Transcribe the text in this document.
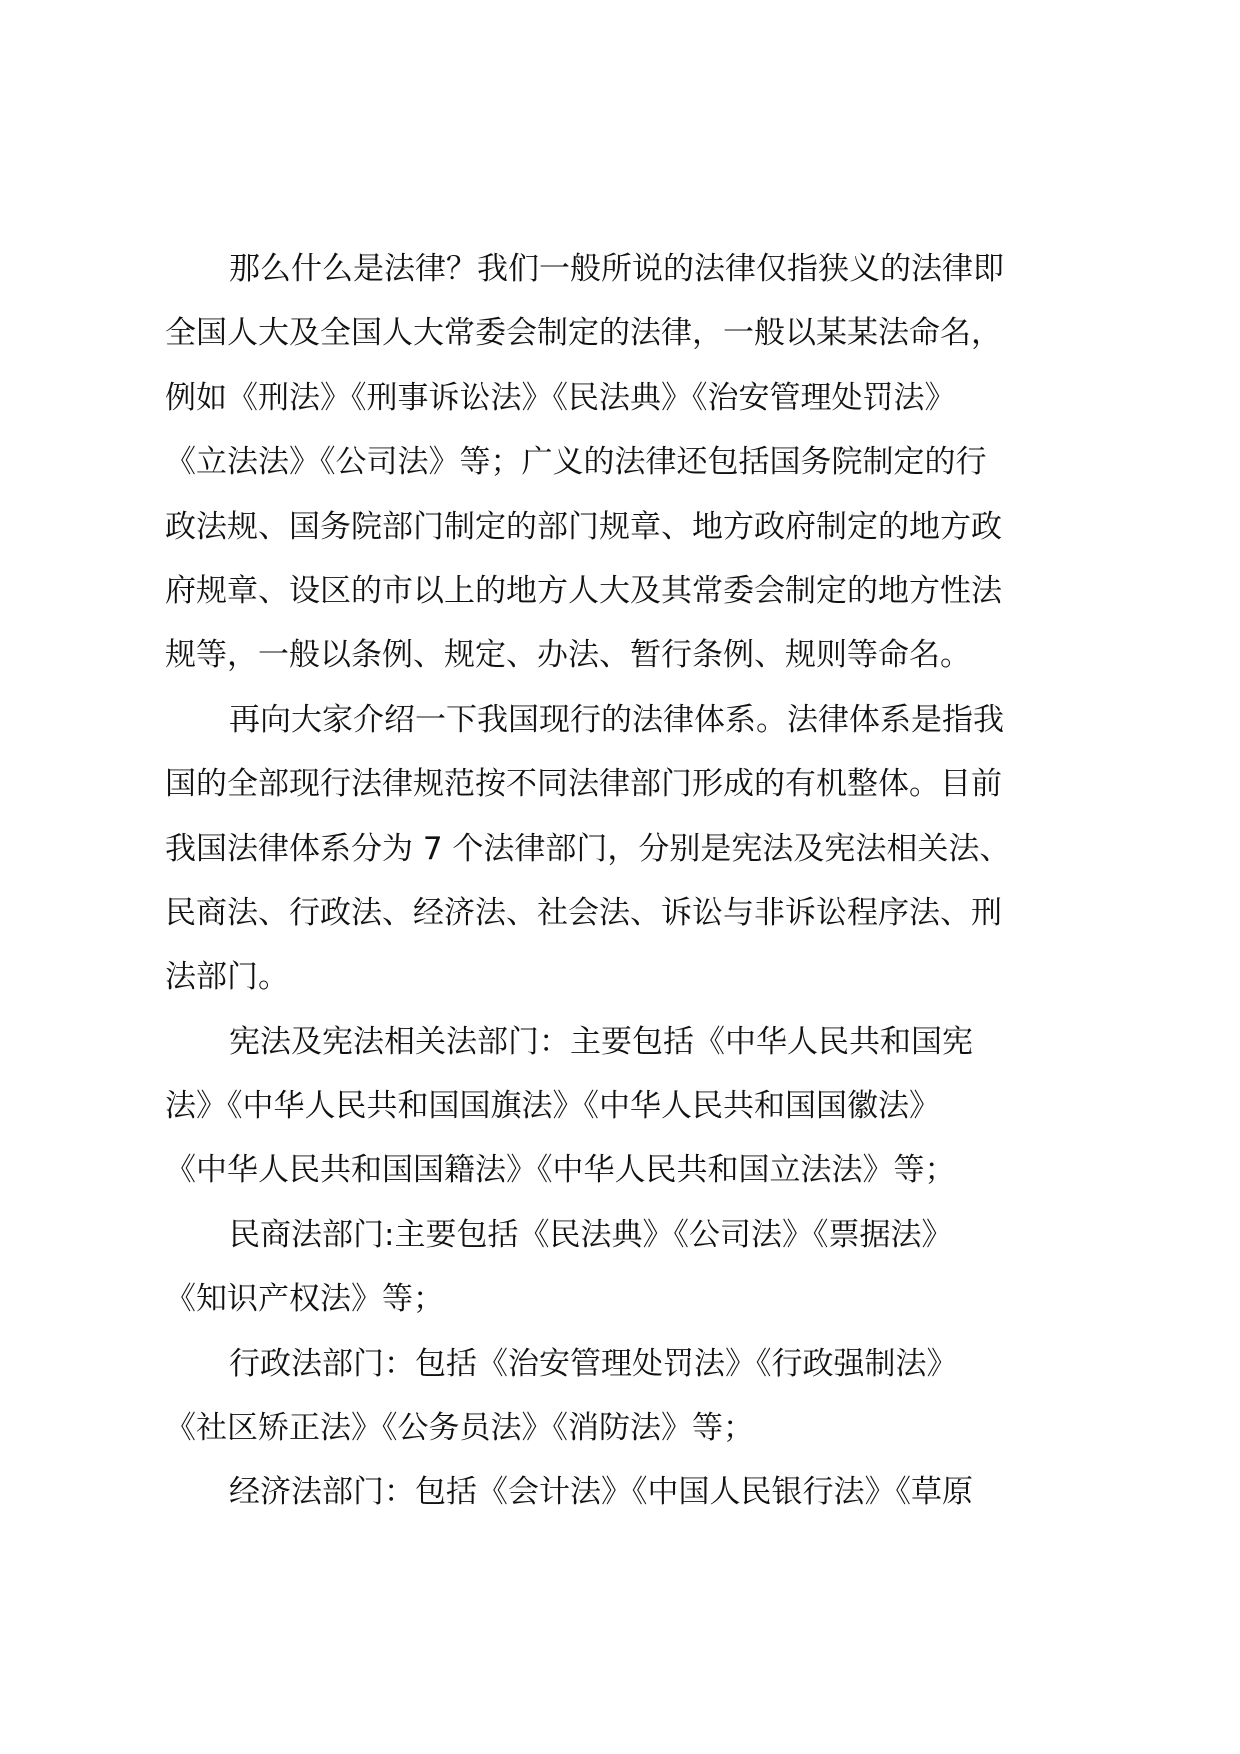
那么什么是法律？我们一般所说的法律仅指狭义的法律即
全国人大及全国人大常委会制定的法律，一般以某某法命名，
例如《刑法》《刑事诉讼法》《民法典》《治安管理处罚法》
《立法法》《公司法》等；广义的法律还包括国务院制定的行
政法规、国务院部门制定的部门规章、地方政府制定的地方政
府规章、设区的市以上的地方人大及其常委会制定的地方性法
规等，一般以条例、规定、办法、暂行条例、规则等命名。
再向大家介绍一下我国现行的法律体系。法律体系是指我
国的全部现行法律规范按不同法律部门形成的有机整体。目前
我国法律体系分为 7 个法律部门，分别是宪法及宪法相关法、
民商法、行政法、经济法、社会法、诉讼与非诉讼程序法、刑
法部门。
宪法及宪法相关法部门：主要包括《中华人民共和国宪
法》《中华人民共和国国旗法》《中华人民共和国国徽法》
《中华人民共和国国籍法》《中华人民共和国立法法》等；
民商法部门:主要包括《民法典》《公司法》《票据法》
《知识产权法》等；
行政法部门：包括《治安管理处罚法》《行政强制法》
《社区矫正法》《公务员法》《消防法》等；
经济法部门：包括《会计法》《中国人民银行法》《草原
